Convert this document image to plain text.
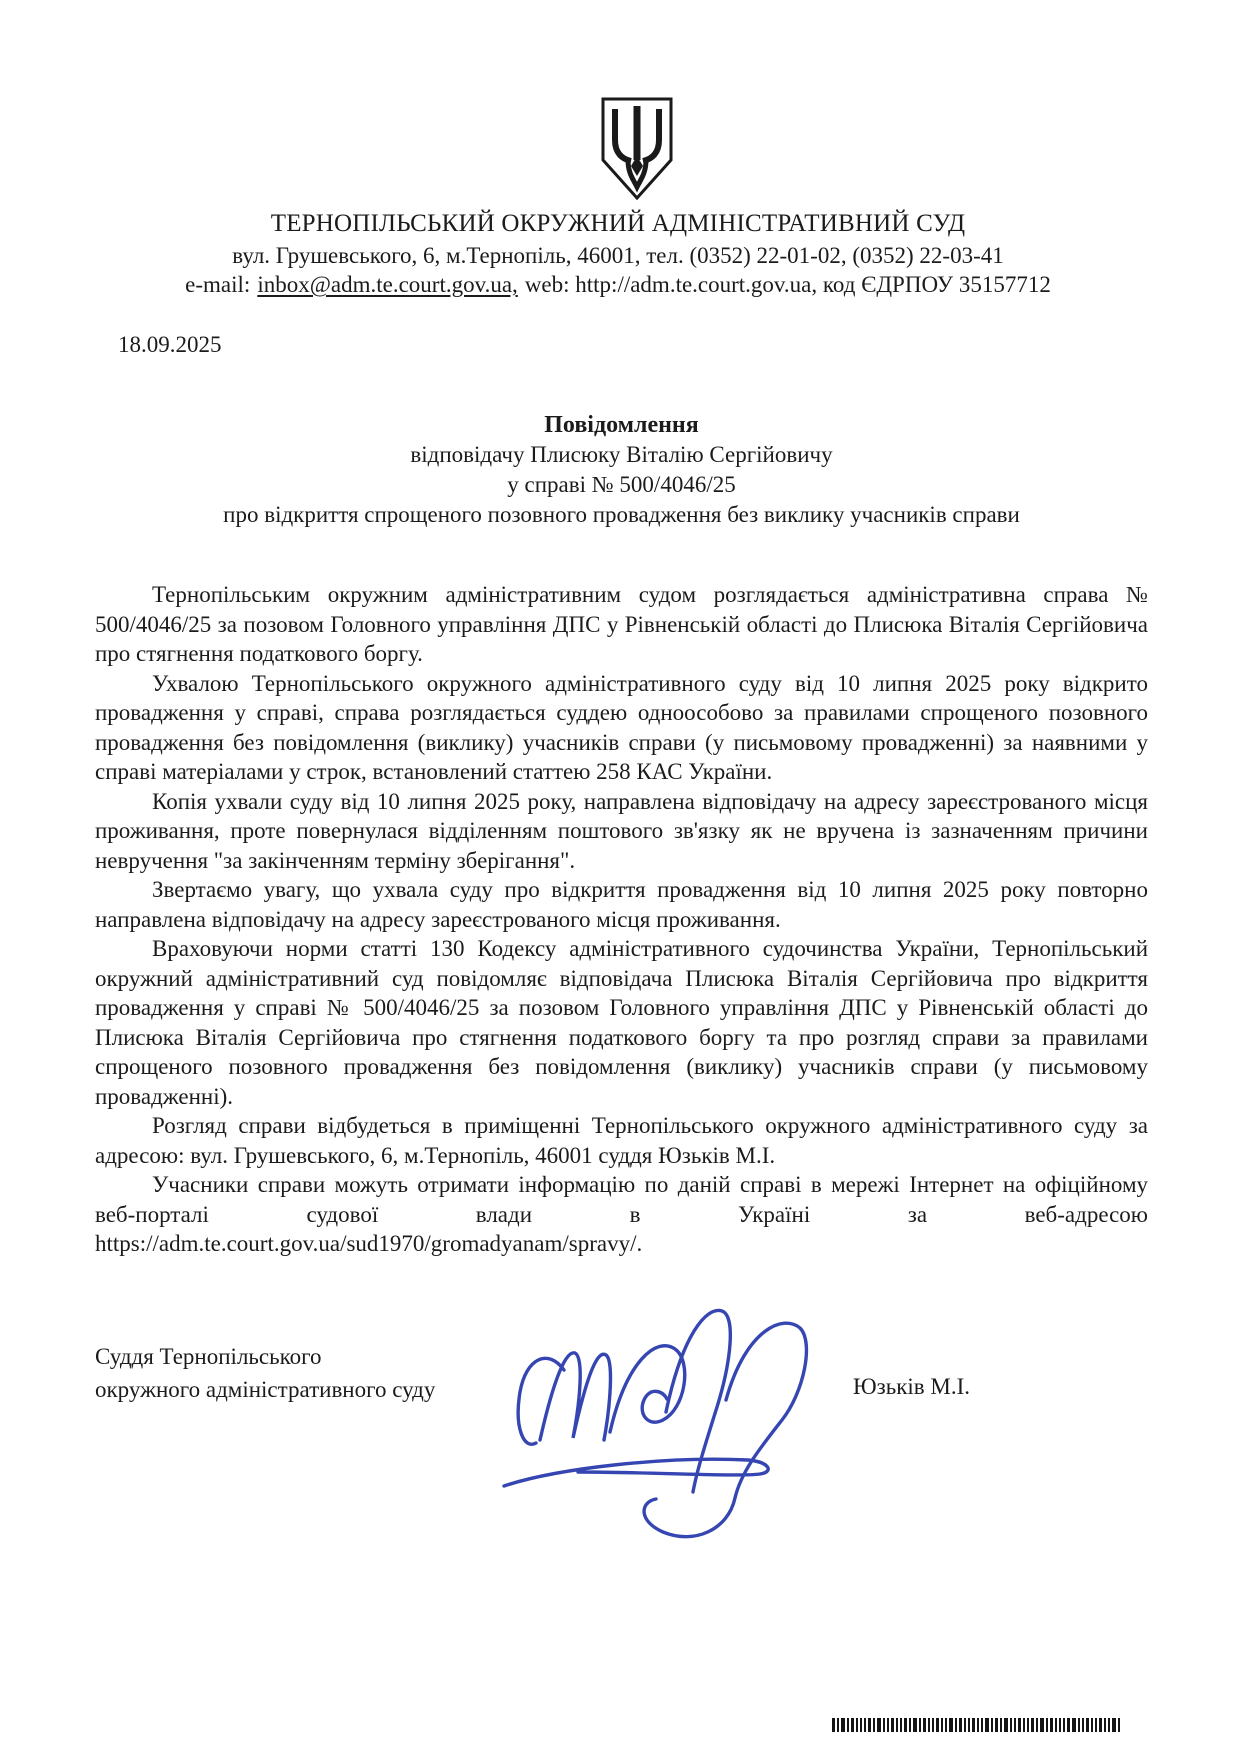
ТЕРНОПІЛЬСЬКИЙ ОКРУЖНИЙ АДМІНІСТРАТИВНИЙ СУД
вул. Грушевського, 6, м.Тернопіль, 46001, тел. (0352) 22-01-02, (0352) 22-03-41
e-mail: inbox@adm.te.court.gov.ua, web: http://adm.te.court.gov.ua, код ЄДРПОУ 35157712
18.09.2025
Повідомлення
відповідачу Плисюку Віталію Сергійовичу
у справі № 500/4046/25
про відкриття спрощеного позовного провадження без виклику учасників справи

Тернопільським окружним адміністративним судом розглядається адміністративна справа № 500/4046/25 за позовом Головного управління ДПС у Рівненській області до Плисюка Віталія Сергійовича про стягнення податкового боргу.

Ухвалою Тернопільського окружного адміністративного суду від 10 липня 2025 року відкрито провадження у справі, справа розглядається суддею одноособово за правилами спрощеного позовного провадження без повідомлення (виклику) учасників справи (у письмовому провадженні) за наявними у справі матеріалами у строк, встановлений статтею 258 КАС України.

Копія ухвали суду від 10 липня 2025 року, направлена відповідачу на адресу зареєстрованого місця проживання, проте повернулася відділенням поштового зв'язку як не вручена із зазначенням причини невручення "за закінченням терміну зберігання".

Звертаємо увагу, що ухвала суду про відкриття провадження від 10 липня 2025 року повторно направлена відповідачу на адресу зареєстрованого місця проживання.

Враховуючи норми статті 130 Кодексу адміністративного судочинства України, Тернопільський окружний адміністративний суд повідомляє відповідача Плисюка Віталія Сергійовича про відкриття провадження у справі № 500/4046/25 за позовом Головного управління ДПС у Рівненській області до Плисюка Віталія Сергійовича про стягнення податкового боргу та про розгляд справи за правилами спрощеного позовного провадження без повідомлення (виклику) учасників справи (у письмовому провадженні).

Розгляд справи відбудеться в приміщенні Тернопільського окружного адміністративного суду за адресою: вул. Грушевського, 6, м.Тернопіль, 46001 суддя Юзьків М.І.

Учасники справи можуть отримати інформацію по даній справі в мережі Інтернет на офіційному веб-порталі судової влади в Україні за веб-адресою https://adm.te.court.gov.ua/sud1970/gromadyanam/spravy/.

Суддя Тернопільського
окружного адміністративного суду	Юзьків М.І.
